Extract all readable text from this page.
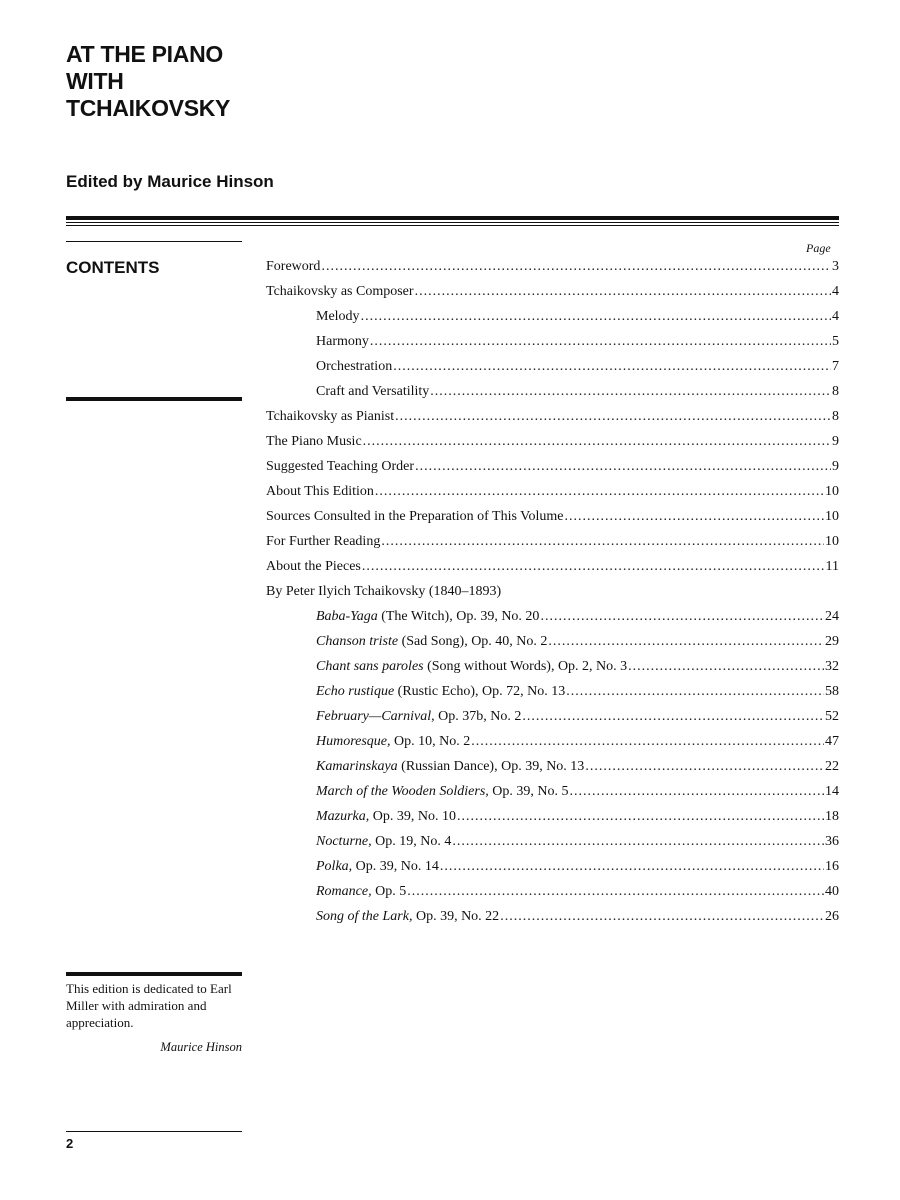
AT THE PIANO
WITH
TCHAIKOVSKY
Edited by Maurice Hinson
CONTENTS
Page
Foreword .....	3
Tchaikovsky as Composer .....	4
Melody .....	4
Harmony .....	5
Orchestration .....	7
Craft and Versatility .....	8
Tchaikovsky as Pianist .....	8
The Piano Music .....	9
Suggested Teaching Order .....	9
About This Edition .....	10
Sources Consulted in the Preparation of This Volume .....	10
For Further Reading .....	10
About the Pieces .....	11
By Peter Ilyich Tchaikovsky (1840–1893)
Baba-Yaga (The Witch), Op. 39, No. 20 .....	24
Chanson triste (Sad Song), Op. 40, No. 2 .....	29
Chant sans paroles (Song without Words), Op. 2, No. 3 .....	32
Echo rustique (Rustic Echo), Op. 72, No. 13 .....	58
February—Carnival, Op. 37b, No. 2 .....	52
Humoresque, Op. 10, No. 2 .....	47
Kamarinskaya (Russian Dance), Op. 39, No. 13 .....	22
March of the Wooden Soldiers, Op. 39, No. 5 .....	14
Mazurka, Op. 39, No. 10 .....	18
Nocturne, Op. 19, No. 4 .....	36
Polka, Op. 39, No. 14 .....	16
Romance, Op. 5 .....	40
Song of the Lark, Op. 39, No. 22 .....	26
This edition is dedicated to Earl Miller with admiration and appreciation.
Maurice Hinson
2
